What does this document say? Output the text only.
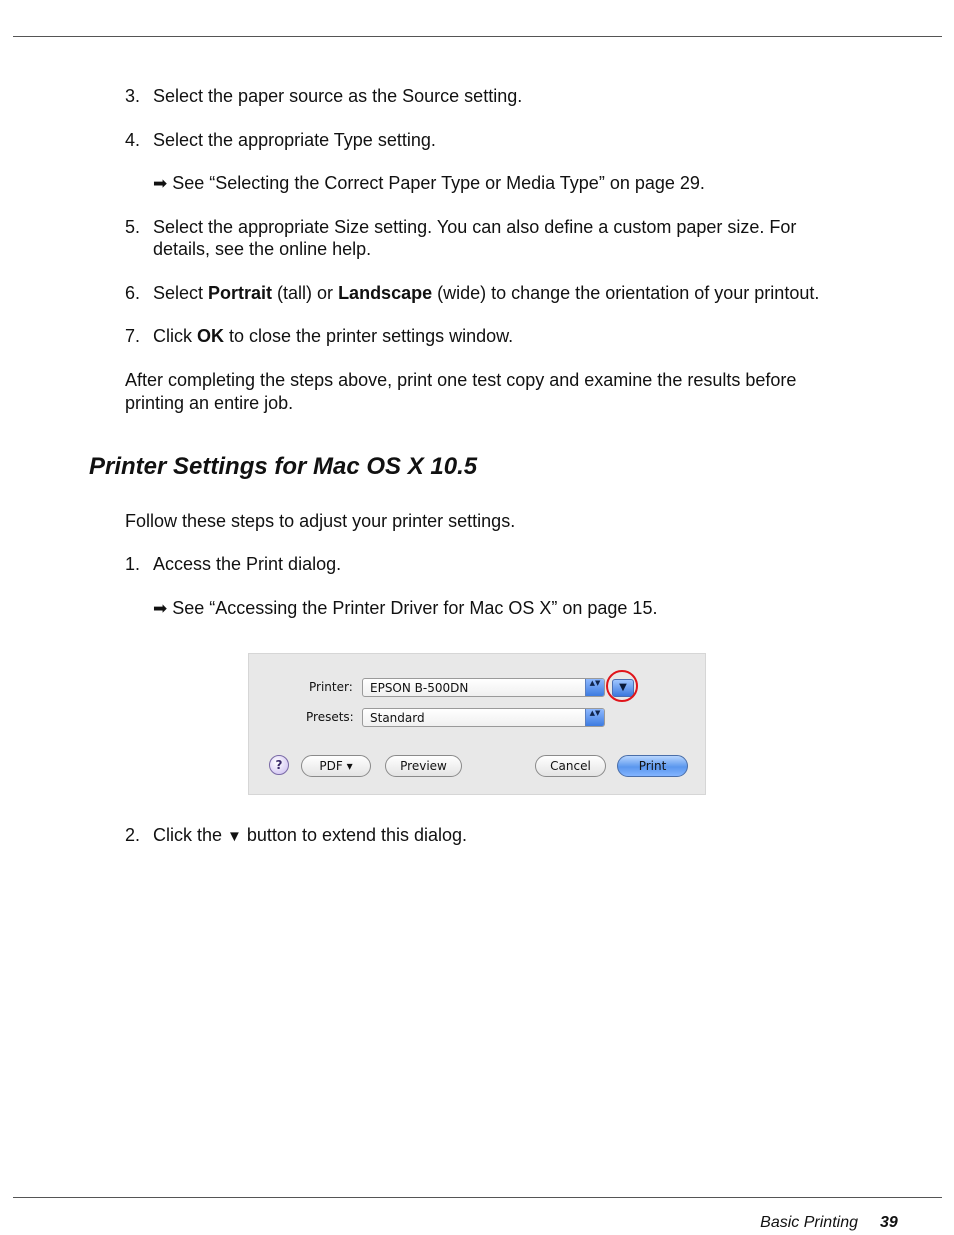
3. Select the paper source as the Source setting.
4. Select the appropriate Type setting.
➡ See “Selecting the Correct Paper Type or Media Type” on page 29.
5. Select the appropriate Size setting. You can also define a custom paper size. For
details, see the online help.
6. Select Portrait (tall) or Landscape (wide) to change the orientation of your printout.
7. Click OK to close the printer settings window.
After completing the steps above, print one test copy and examine the results before
printing an entire job.
Printer Settings for Mac OS X 10.5
Follow these steps to adjust your printer settings.
1. Access the Print dialog.
➡ See “Accessing the Printer Driver for Mac OS X” on page 15.
Printer: EPSON B-500DN	▲▼	▼
Presets: Standard	▲▼
?	PDF ▾	Preview	Cancel	Print
2. Click the ▼ button to extend this dialog.
Basic Printing 39
